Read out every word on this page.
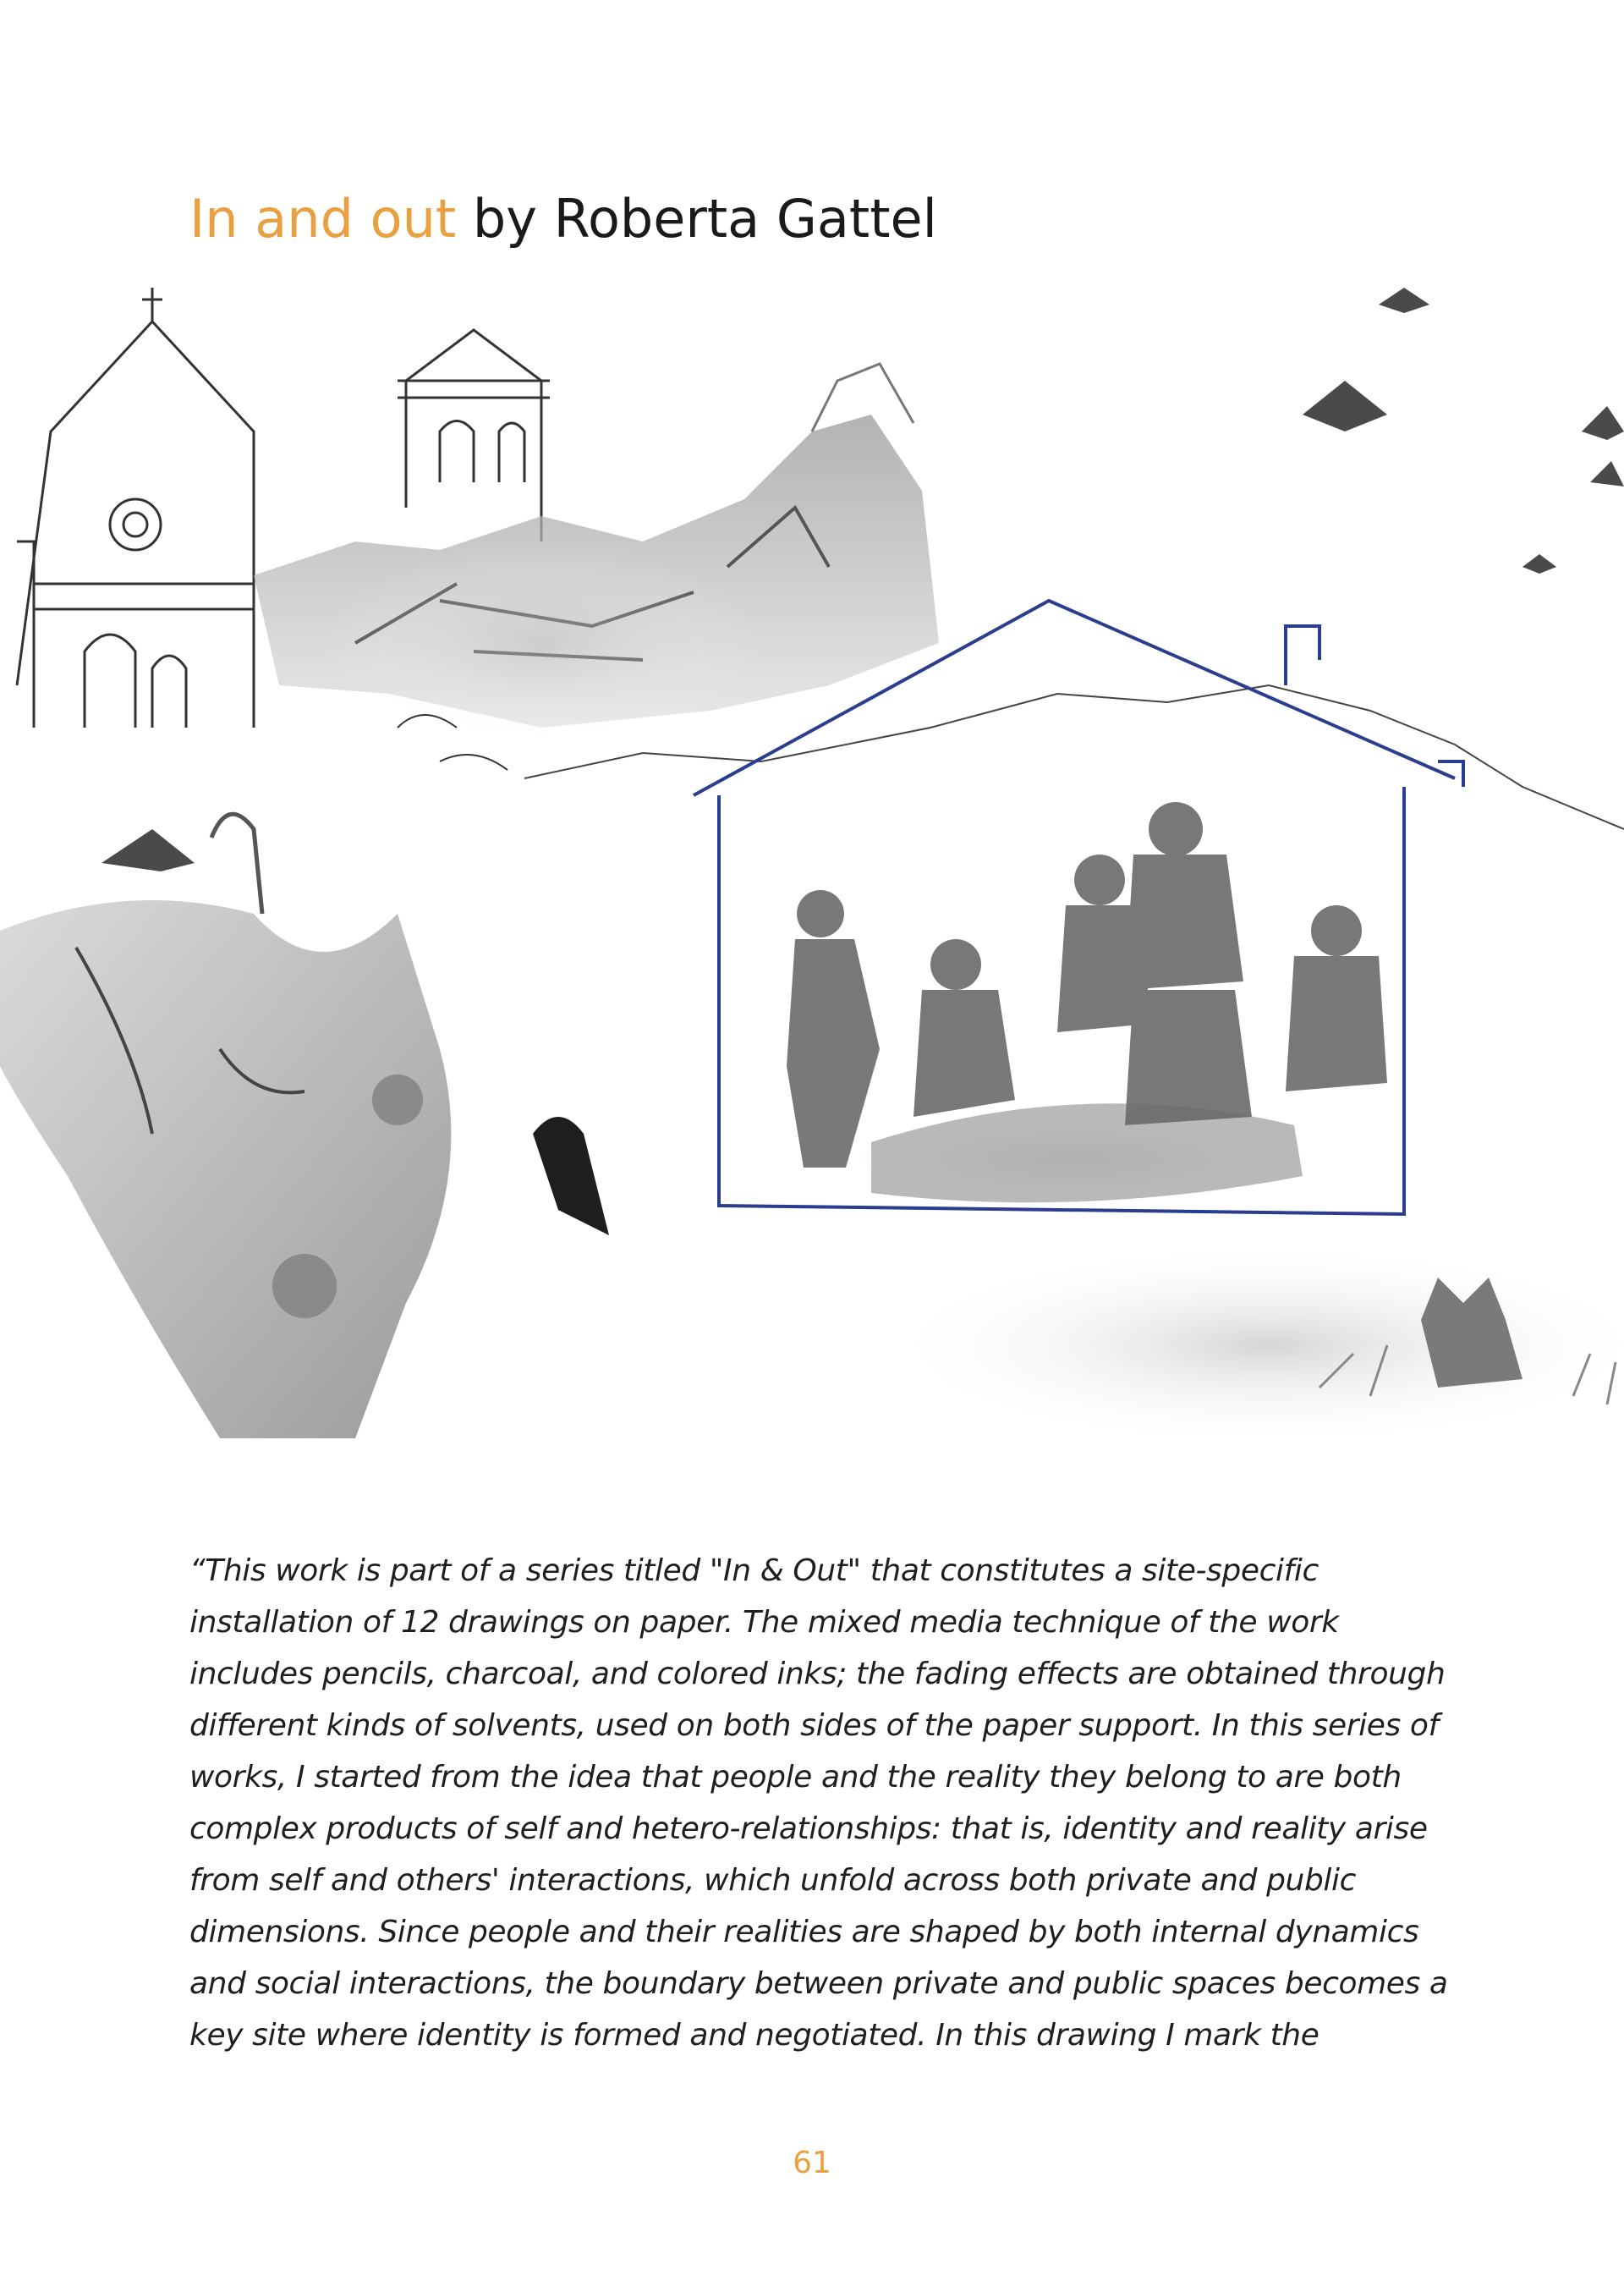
In and out by Roberta Gattel

“This work is part of a series titled "In & Out" that constitutes a site-specific
installation of 12 drawings on paper. The mixed media technique of the work
includes pencils, charcoal, and colored inks; the fading effects are obtained through
different kinds of solvents, used on both sides of the paper support. In this series of
works, I started from the idea that people and the reality they belong to are both
complex products of self and hetero-relationships: that is, identity and reality arise
from self and others' interactions, which unfold across both private and public
dimensions. Since people and their realities are shaped by both internal dynamics
and social interactions, the boundary between private and public spaces becomes a
key site where identity is formed and negotiated. In this drawing I mark the

61
